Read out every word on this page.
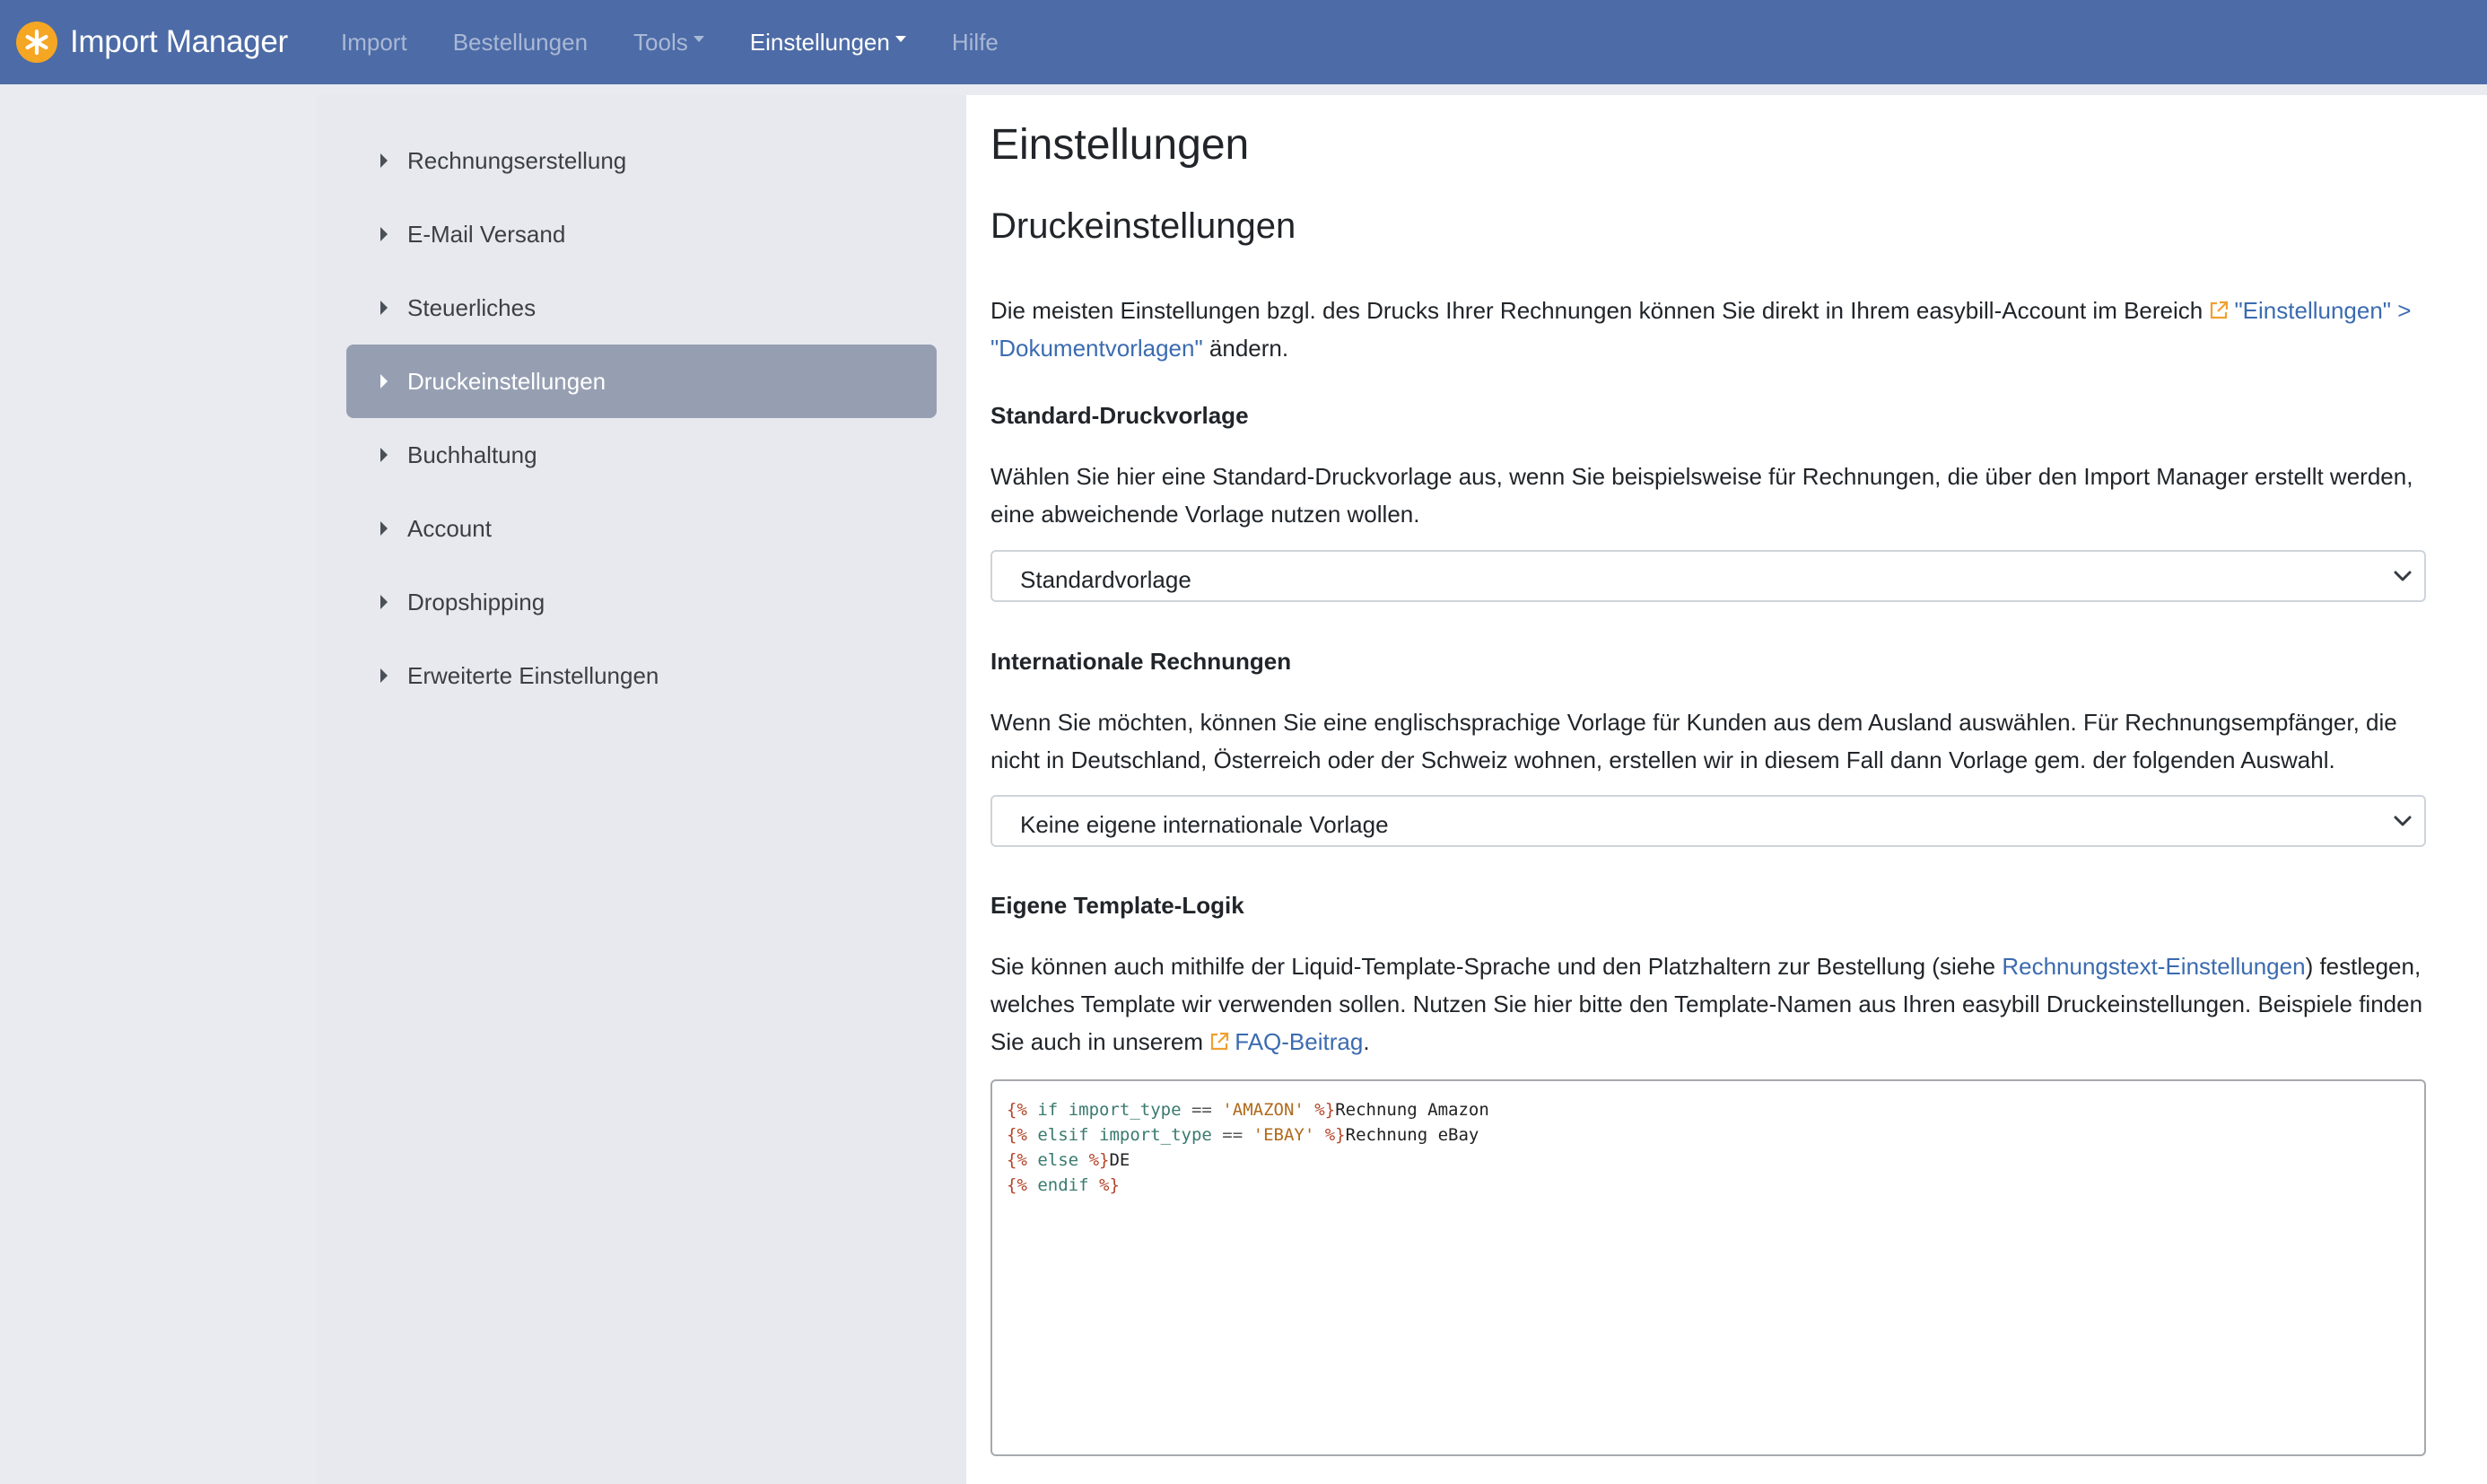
Import Manager Import Bestellungen Tools	Einstellungen	Hilfe
Rechnungserstellung
E-Mail Versand
Steuerliches
Druckeinstellungen
Buchhaltung
Account
Dropshipping
Erweiterte Einstellungen
Einstellungen
Druckeinstellungen

Die meisten Einstellungen bzgl. des Drucks Ihrer Rechnungen können Sie direkt in Ihrem easybill-Account im Bereich "Einstellungen" > "Dokumentvorlagen" ändern.

Standard-Druckvorlage

Wählen Sie hier eine Standard-Druckvorlage aus, wenn Sie beispielsweise für Rechnungen, die über den Import Manager erstellt werden, eine abweichende Vorlage nutzen wollen.

Standardvorlage
Internationale Rechnungen

Wenn Sie möchten, können Sie eine englischsprachige Vorlage für Kunden aus dem Ausland auswählen. Für Rechnungsempfänger, die nicht in Deutschland, Österreich oder der Schweiz wohnen, erstellen wir in diesem Fall dann Vorlage gem. der folgenden Auswahl.

Keine eigene internationale Vorlage
Eigene Template-Logik

Sie können auch mithilfe der Liquid-Template-Sprache und den Platzhaltern zur Bestellung (siehe Rechnungstext-Einstellungen) festlegen, welches Template wir verwenden sollen. Nutzen Sie hier bitte den Template-Namen aus Ihren easybill Druckeinstellungen. Beispiele finden Sie auch in unserem FAQ-Beitrag.

{% if import_type == 'AMAZON' %}Rechnung Amazon
{% elsif import_type == 'EBAY' %}Rechnung eBay
{% else %}DE
{% endif %}
